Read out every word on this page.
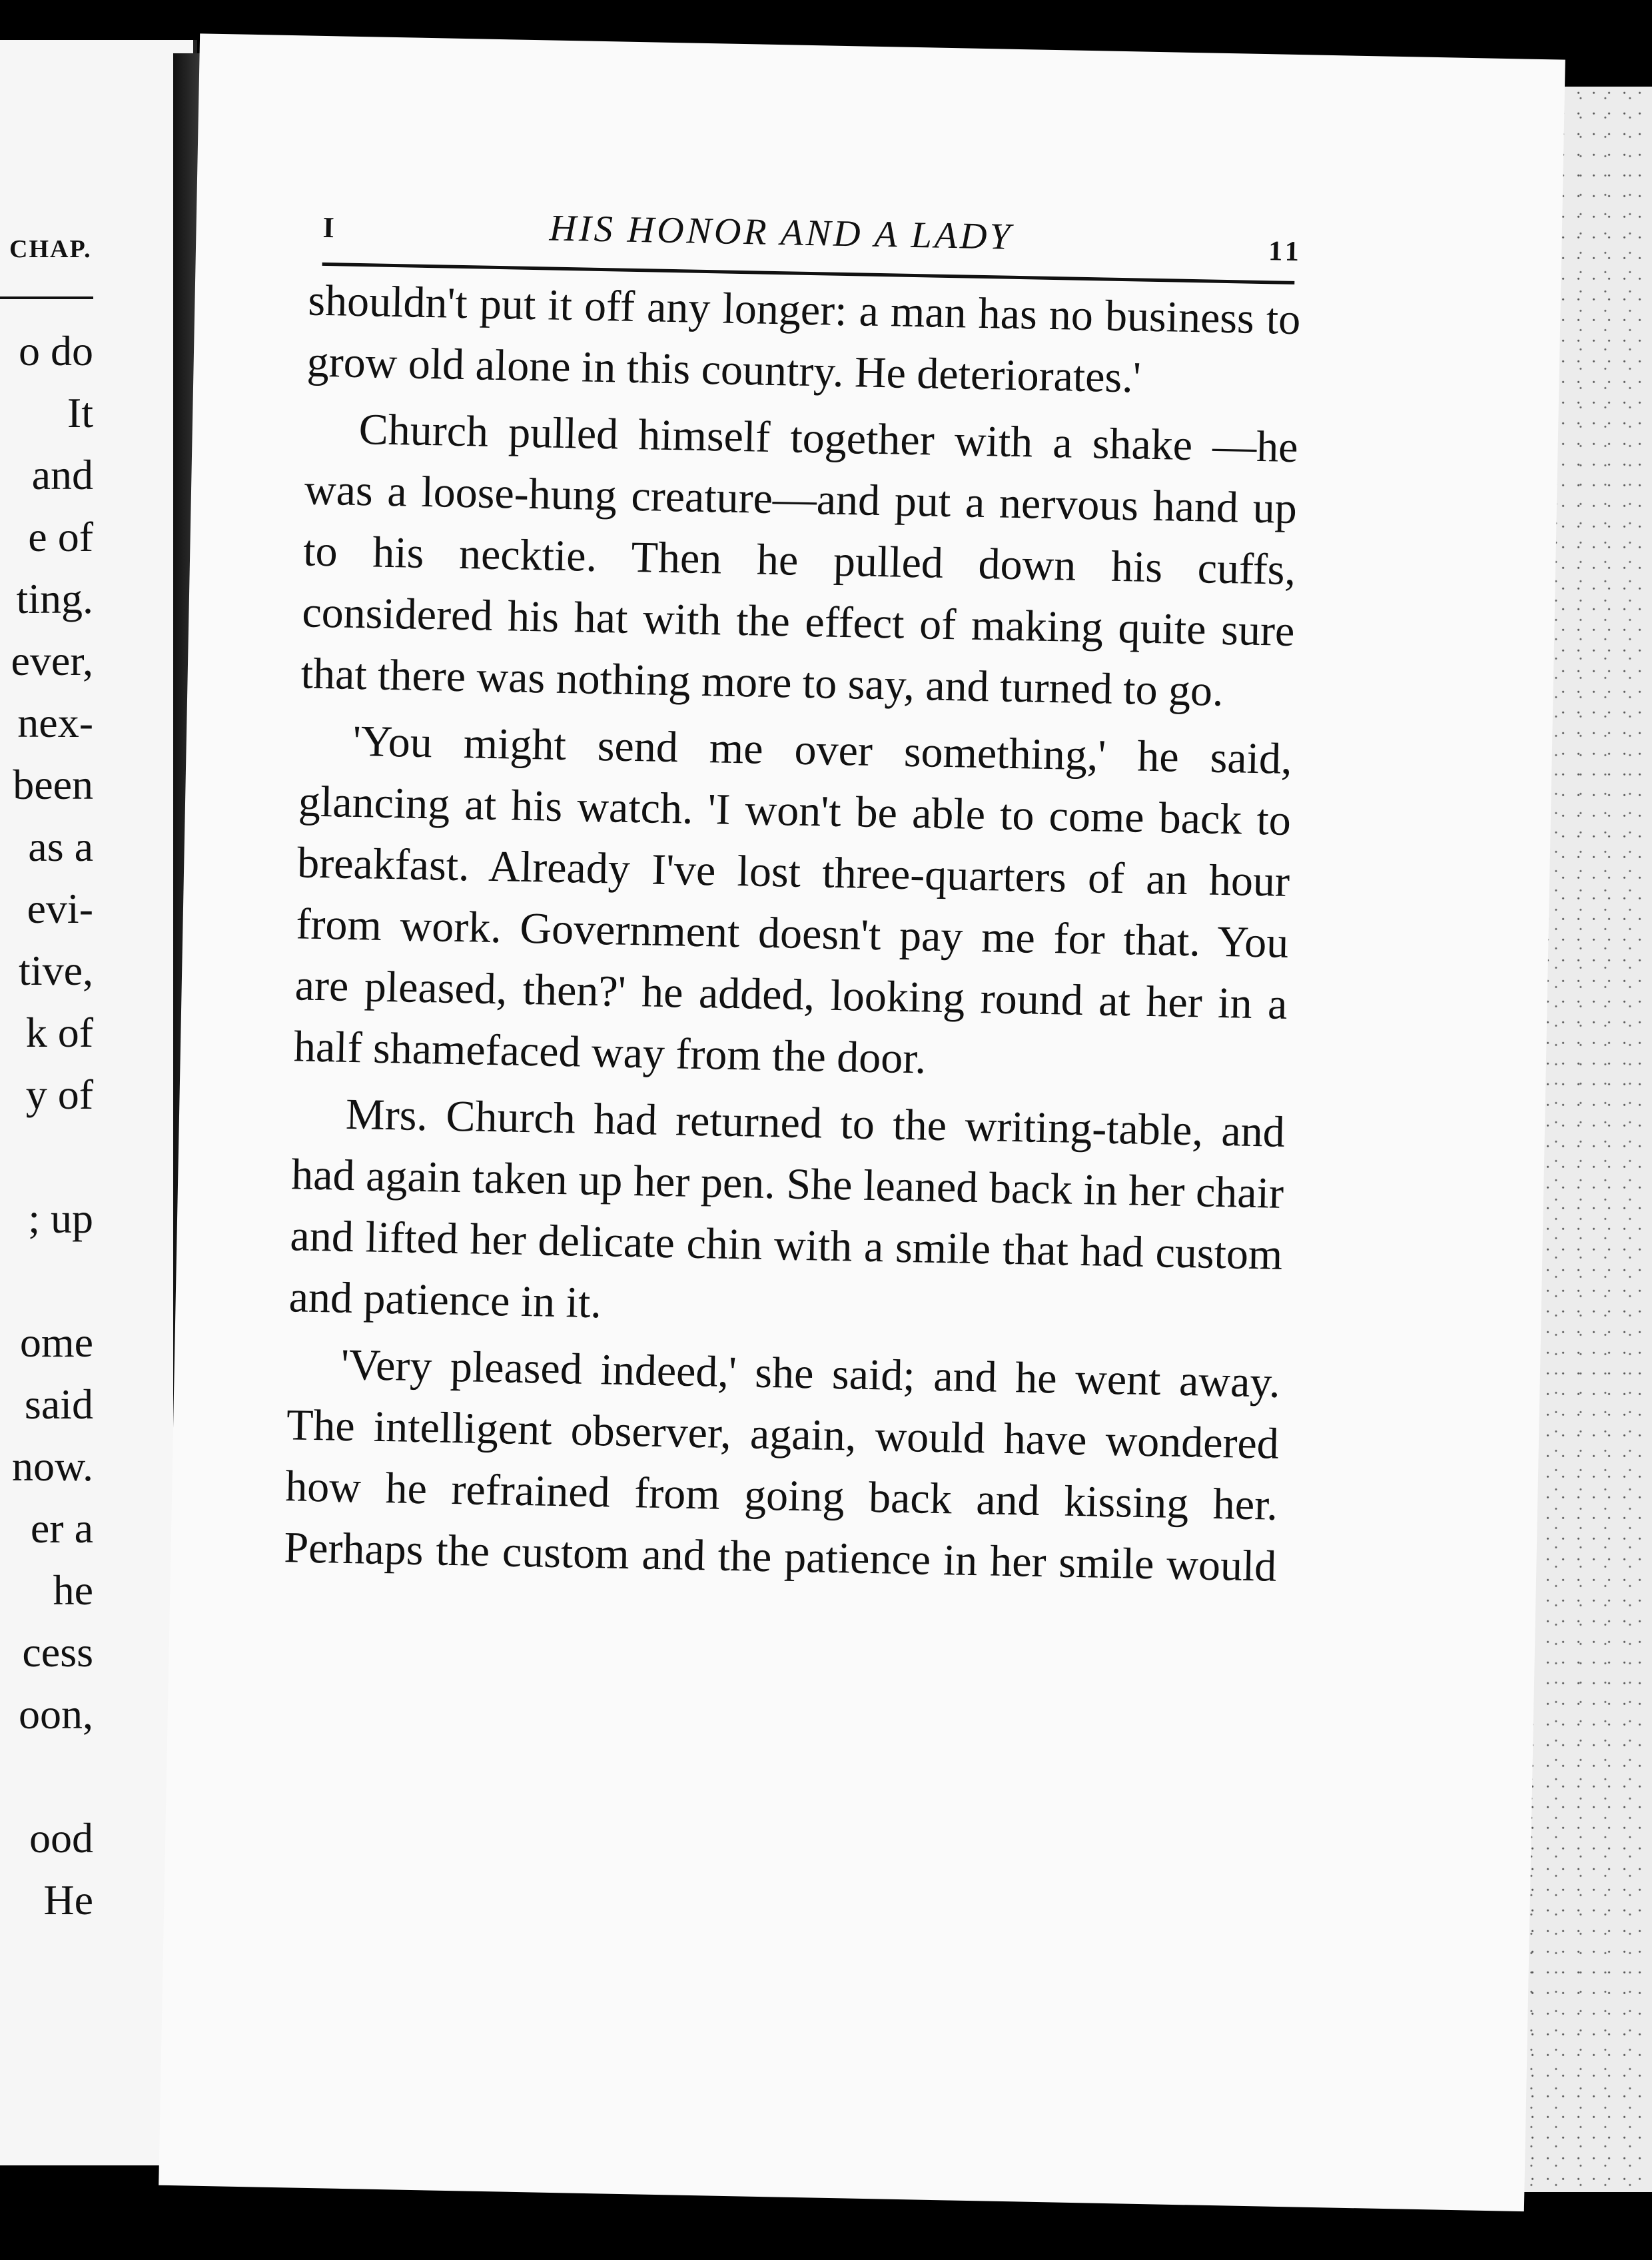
CHAP.
o do
It
and
e of
ting.
ever,
nex-
been
as a
evi-
tive,
k of
y of

; up

ome
said
now.
er a
he
cess
oon,

ood
He
I	HIS HONOR AND A LADY	11

shouldn't put it off any longer: a man has no business to grow old alone in this country. He deteriorates.'

Church pulled himself together with a shake —he was a loose-hung creature—and put a nervous hand up to his necktie. Then he pulled down his cuffs, considered his hat with the effect of making quite sure that there was nothing more to say, and turned to go.

'You might send me over something,' he said, glancing at his watch. 'I won't be able to come back to breakfast. Already I've lost three-quarters of an hour from work. Government doesn't pay me for that. You are pleased, then?' he added, looking round at her in a half shamefaced way from the door.

Mrs. Church had returned to the writing-table, and had again taken up her pen. She leaned back in her chair and lifted her delicate chin with a smile that had custom and patience in it.

'Very pleased indeed,' she said; and he went away. The intelligent observer, again, would have wondered how he refrained from going back and kissing her. Perhaps the custom and the patience in her smile would
